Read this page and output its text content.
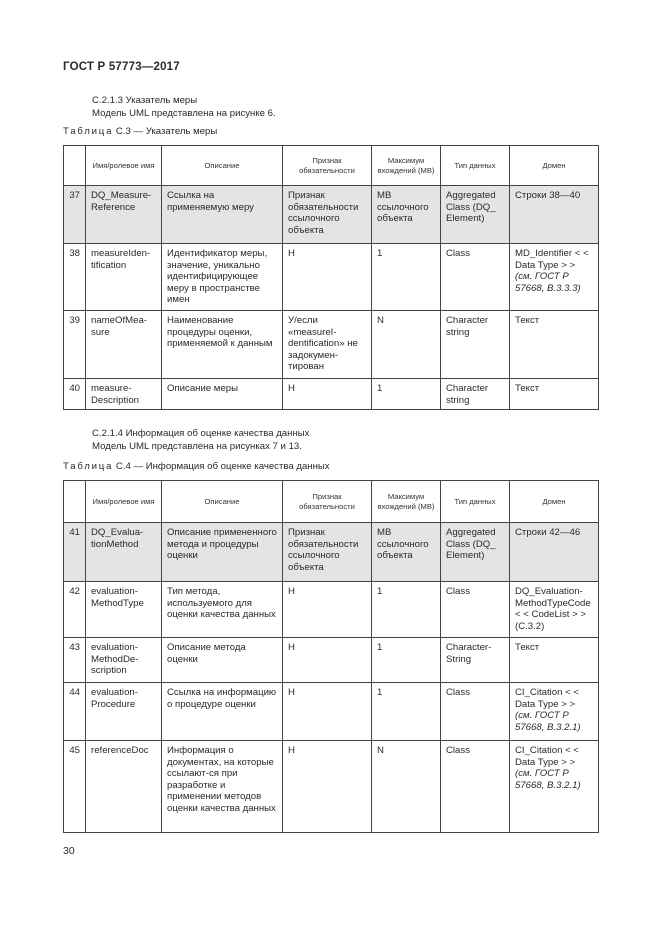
ГОСТ Р 57773—2017
C.2.1.3 Указатель меры
Модель UML представлена на рисунке 6.
Таблица С.3 — Указатель меры
	Имя/ролевое имя	Описание	Признак обязательности	Максимум вхождений (МВ)	Тип данных	Домен
37	DQ_Measure-Reference	Ссылка на применяемую меру	Признак обязательности ссылочного объекта	МВ ссылочного объекта	Aggregated Class (DQ_ Element)	Строки 38—40
38	measureIden-tification	Идентификатор меры, значение, уникально идентифицирующее меру в пространстве имен	Н	1	Class	MD_Identifier < < Data Type > > (см. ГОСТ Р 57668, В.3.3.3)
39	nameOfMea-sure	Наименование процедуры оценки, применяемой к данным	У/если «measureI-dentification» не задокумен-тирован	N	Character string	Текст
40	measure-Description	Описание меры	Н	1	Character string	Текст
C.2.1.4 Информация об оценке качества данных
Модель UML представлена на рисунках 7 и 13.
Таблица С.4 — Информация об оценке качества данных
	Имя/ролевое имя	Описание	Признак обязательности	Максимум вхождений (МВ)	Тип данных	Домен
41	DQ_Evalua-tionMethod	Описание примененного метода и процедуры оценки	Признак обязательности ссылочного объекта	МВ ссылочного объекта	Aggregated Class (DQ_ Element)	Строки 42—46
42	evaluation-MethodType	Тип метода, используемого для оценки качества данных	Н	1	Class	DQ_Evaluation-MethodTypeCode < < CodeList > > (С.3.2)
43	evaluation-MethodDe-scription	Описание метода оценки	Н	1	Character-String	Текст
44	evaluation-Procedure	Ссылка на информацию о процедуре оценки	Н	1	Class	CI_Citation < < Data Type > > (см. ГОСТ Р 57668, В.3.2.1)
45	referenceDoc	Информация о документах, на которые ссылают-ся при разработке и применении методов оценки качества данных	Н	N	Class	CI_Citation < < Data Type > > (см. ГОСТ Р 57668, В.3.2.1)
30
